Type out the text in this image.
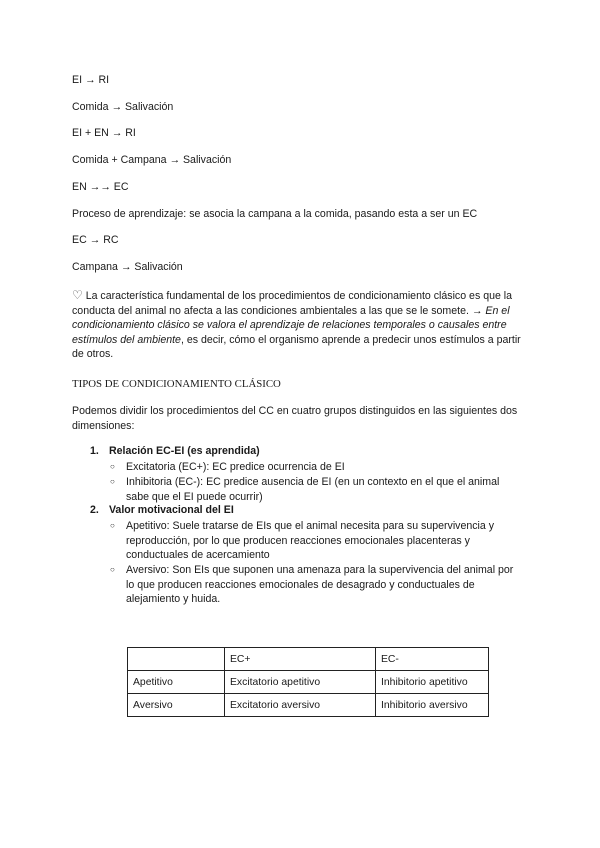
EI → RI
Comida → Salivación
EI + EN → RI
Comida + Campana → Salivación
EN →→ EC
Proceso de aprendizaje: se asocia la campana a la comida, pasando esta a ser un EC
EC → RC
Campana → Salivación
♡ La característica fundamental de los procedimientos de condicionamiento clásico es que la conducta del animal no afecta a las condiciones ambientales a las que se le somete. → En el condicionamiento clásico se valora el aprendizaje de relaciones temporales o causales entre estímulos del ambiente, es decir, cómo el organismo aprende a predecir unos estímulos a partir de otros.
TIPOS DE CONDICIONAMIENTO CLÁSICO
Podemos dividir los procedimientos del CC en cuatro grupos distinguidos en las siguientes dos dimensiones:
1. Relación EC-EI (es aprendida)
○ Excitatoria (EC+): EC predice ocurrencia de EI
○ Inhibitoria (EC-): EC predice ausencia de EI (en un contexto en el que el animal sabe que el EI puede ocurrir)
2. Valor motivacional del EI
○ Apetitivo: Suele tratarse de EIs que el animal necesita para su supervivencia y reproducción, por lo que producen reacciones emocionales placenteras y conductuales de acercamiento
○ Aversivo: Son EIs que suponen una amenaza para la supervivencia del animal por lo que producen reacciones emocionales de desagrado y conductuales de alejamiento y huida.
	EC+	EC-
Apetitivo	Excitatorio apetitivo	Inhibitorio apetitivo
Aversivo	Excitatorio aversivo	Inhibitorio aversivo
